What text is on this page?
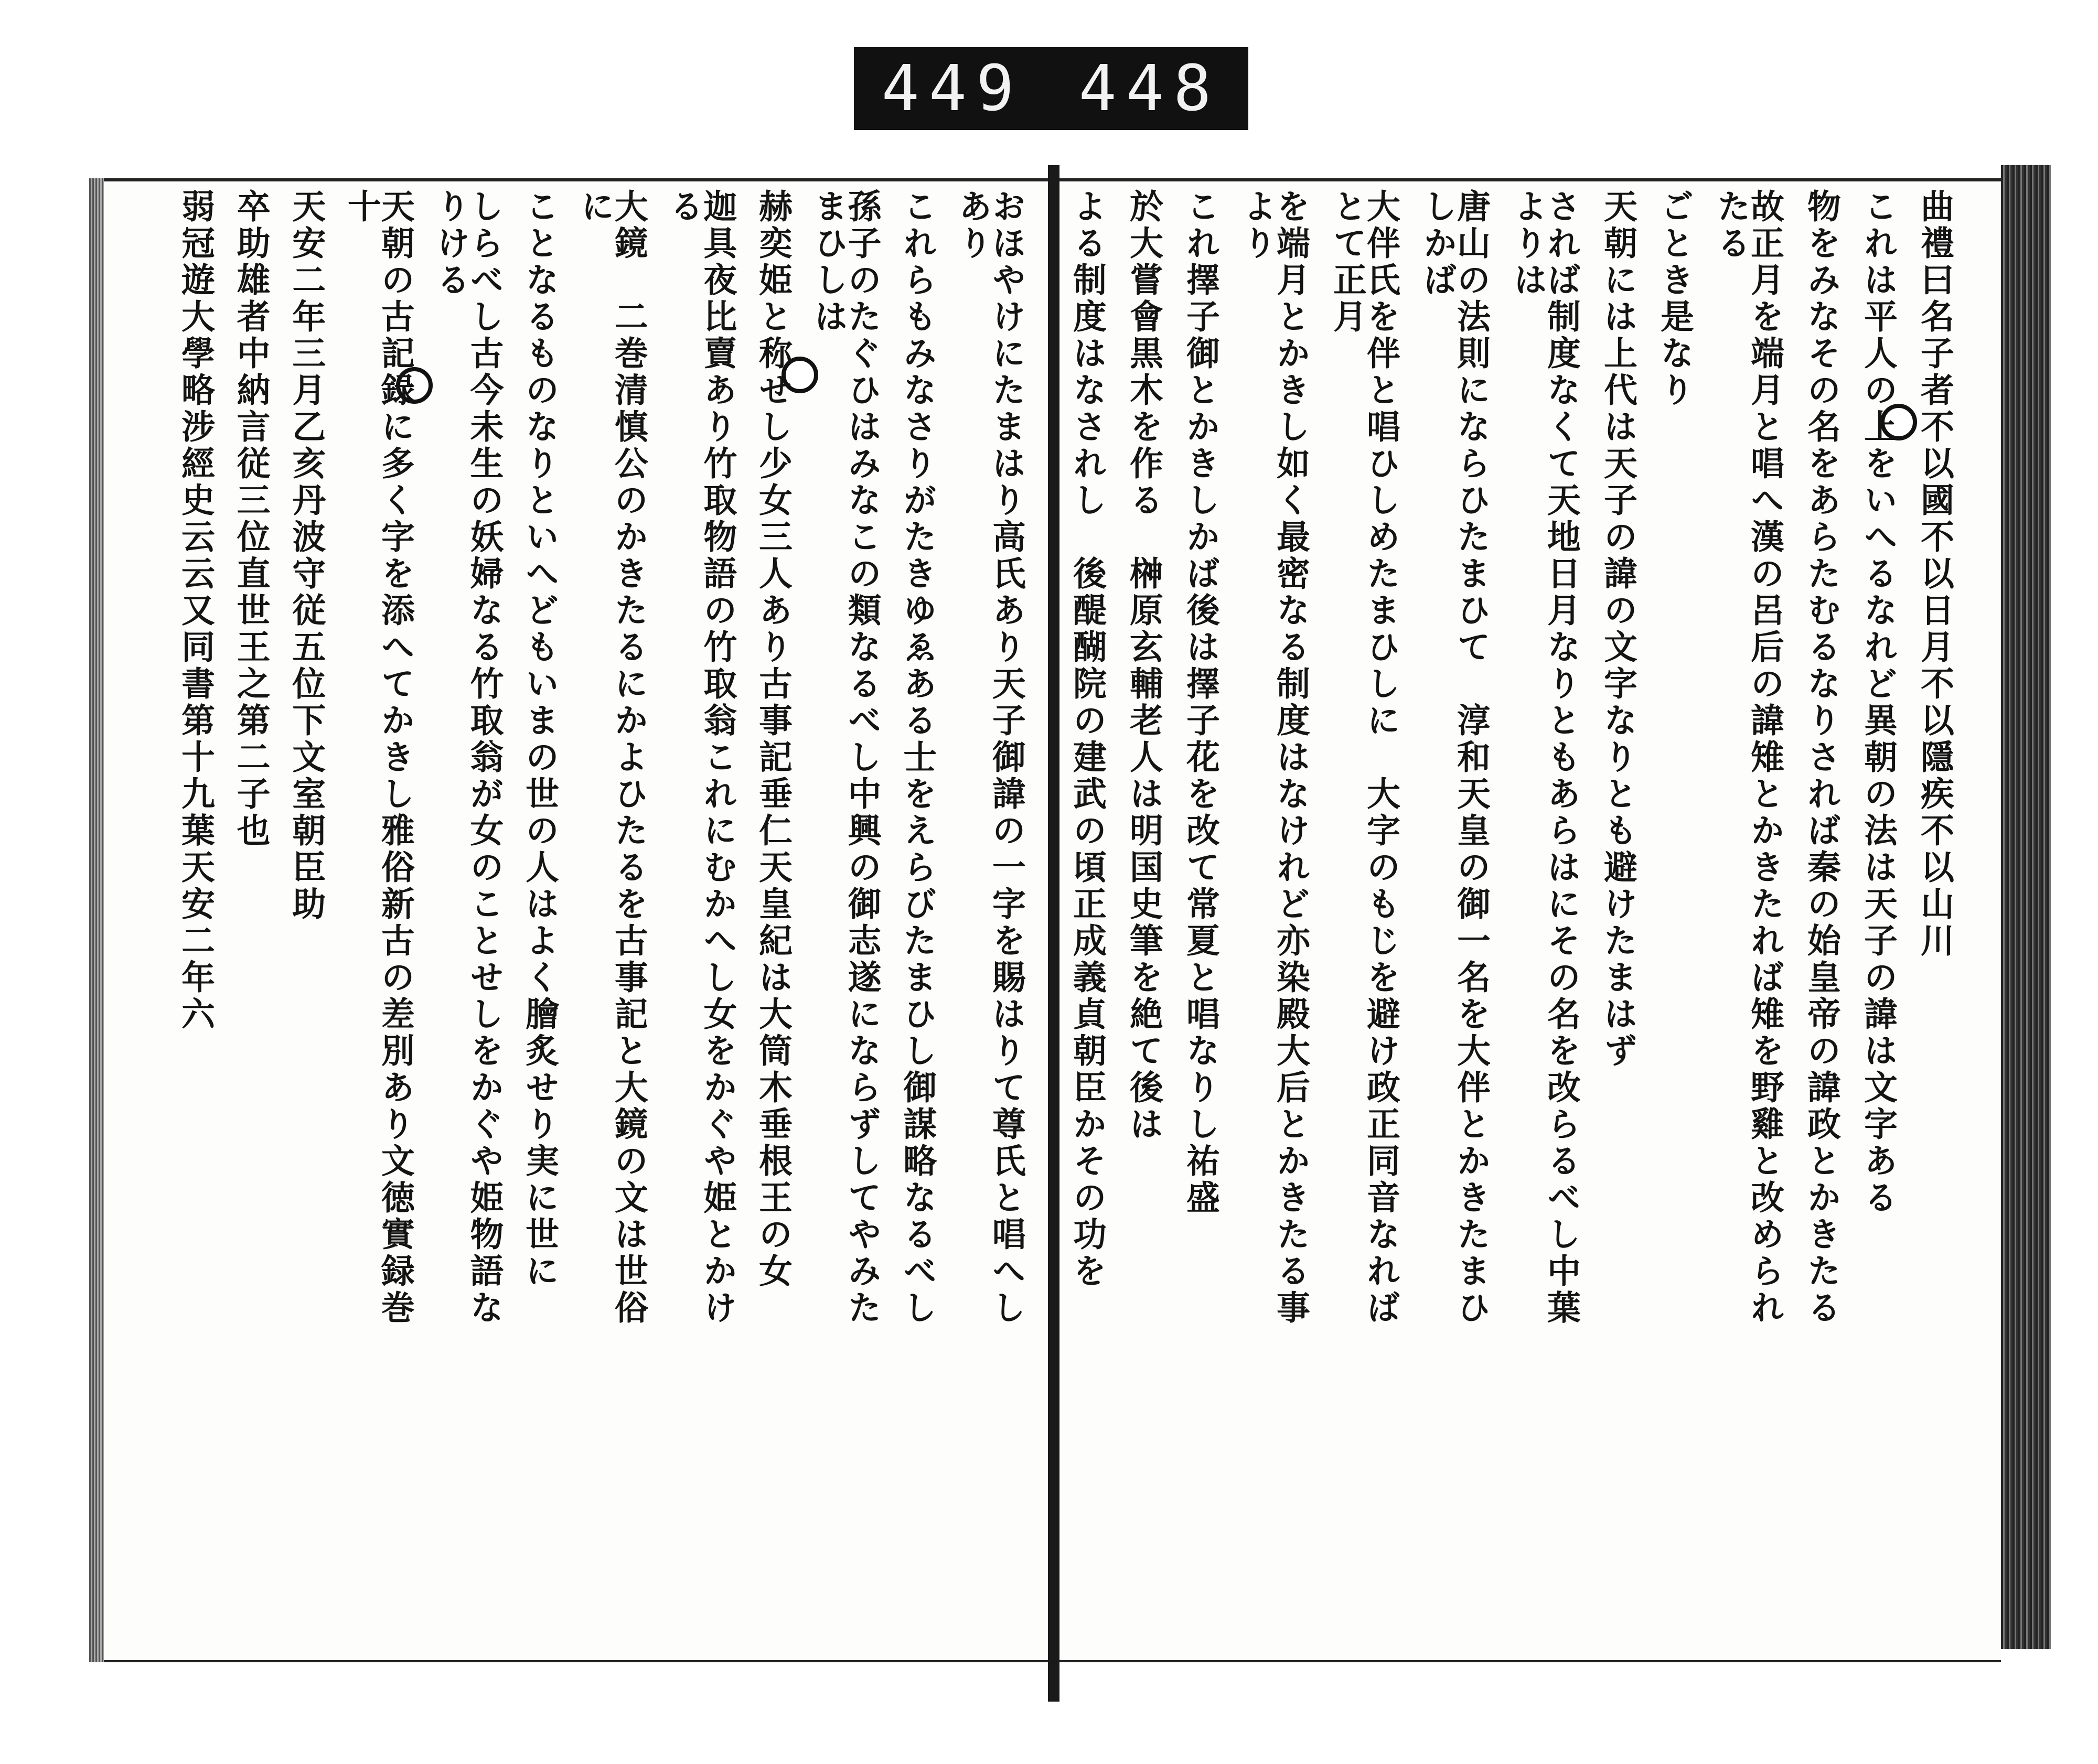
449 448
曲禮曰名子者不以國不以日月不以隱疾不以山川
これは平人の上をいへるなれど異朝の法は天子の諱は文字ある
物をみなその名をあらたむるなりされば秦の始皇帝の諱政とかきたる
故正月を端月と唱へ漢の呂后の諱雉とかきたれば雉を野雞と改められたる
ごとき是なり
天朝には上代は天子の諱の文字なりとも避けたまはず
されば制度なくて天地日月なりともあらはにその名を改らるべし中葉よりは
唐山の法則にならひたまひて　淳和天皇の御一名を大伴とかきたまひしかば
大伴氏を伴と唱ひしめたまひしに　大字のもじを避け政正同音なればとて正月
を端月とかきし如く最密なる制度はなけれど亦染殿大后とかきたる事より
これ擇子御とかきしかば後は擇子花を改て常夏と唱なりし祐盛
於大嘗會黒木を作る　榊原玄輔老人は明国史筆を絶て後は
よる制度はなされし　後醍醐院の建武の頃正成義貞朝臣かその功を
おほやけにたまはり高氏あり天子御諱の一字を賜はりて尊氏と唱へしあり
これらもみなさりがたきゆゑある士をえらびたまひし御謀略なるべし
孫子のたぐひはみなこの類なるべし中興の御志遂にならずしてやみたまひしは
赫奕姫と称せし少女三人あり古事記垂仁天皇紀は大筒木垂根王の女
迦具夜比賣あり竹取物語の竹取翁これにむかへし女をかぐや姫とかける
大鏡　二巻清慎公のかきたるにかよひたるを古事記と大鏡の文は世俗に
ことなるものなりといへどもいまの世の人はよく膾炙せり実に世に
しらべし古今未生の妖婦なる竹取翁が女のことせしをかぐや姫物語なりける
天朝の古記録に多く字を添へてかきし雅俗新古の差別あり文徳實録巻十
天安二年三月乙亥丹波守従五位下文室朝臣助
卒助雄者中納言従三位直世王之第二子也
弱冠遊大學略涉經史云云又同書第十九葉天安二年六
